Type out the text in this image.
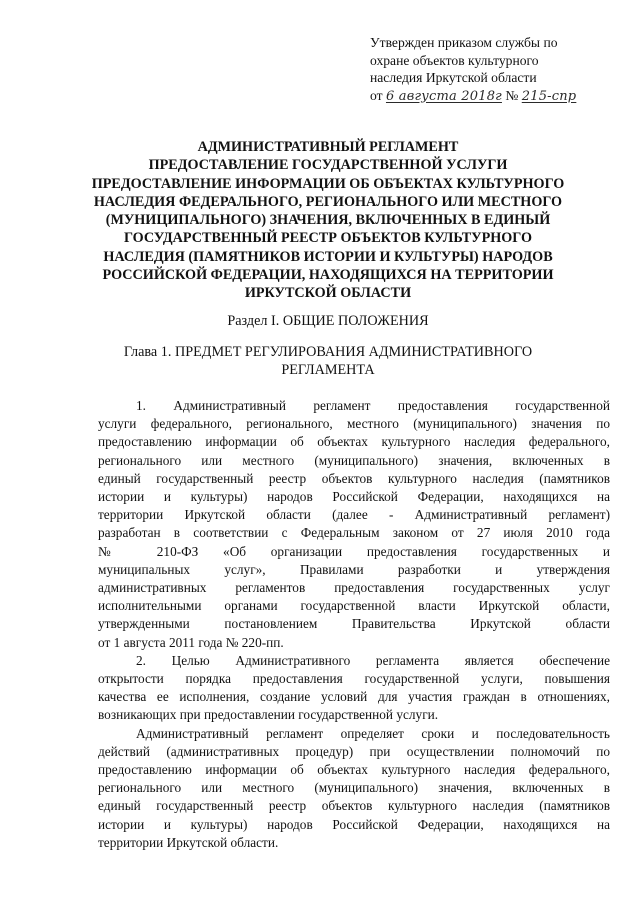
Утвержден приказом службы по
охране объектов культурного
наследия Иркутской области
от 6 августа 2018г № 215-спр
АДМИНИСТРАТИВНЫЙ РЕГЛАМЕНТ
ПРЕДОСТАВЛЕНИЕ ГОСУДАРСТВЕННОЙ УСЛУГИ
ПРЕДОСТАВЛЕНИЕ ИНФОРМАЦИИ ОБ ОБЪЕКТАХ КУЛЬТУРНОГО
НАСЛЕДИЯ ФЕДЕРАЛЬНОГО, РЕГИОНАЛЬНОГО ИЛИ МЕСТНОГО
(МУНИЦИПАЛЬНОГО) ЗНАЧЕНИЯ, ВКЛЮЧЕННЫХ В ЕДИНЫЙ
ГОСУДАРСТВЕННЫЙ РЕЕСТР ОБЪЕКТОВ КУЛЬТУРНОГО
НАСЛЕДИЯ (ПАМЯТНИКОВ ИСТОРИИ И КУЛЬТУРЫ) НАРОДОВ
РОССИЙСКОЙ ФЕДЕРАЦИИ, НАХОДЯЩИХСЯ НА ТЕРРИТОРИИ
ИРКУТСКОЙ ОБЛАСТИ
Раздел I. ОБЩИЕ ПОЛОЖЕНИЯ
Глава 1. ПРЕДМЕТ РЕГУЛИРОВАНИЯ АДМИНИСТРАТИВНОГО
РЕГЛАМЕНТА
1. Административный регламент предоставления государственной
услуги федерального, регионального, местного (муниципального) значения по
предоставлению информации об объектах культурного наследия федерального,
регионального или местного (муниципального) значения, включенных в
единый государственный реестр объектов культурного наследия (памятников
истории и культуры) народов Российской Федерации, находящихся на
территории Иркутской области (далее - Административный регламент)
разработан в соответствии с Федеральным законом от 27 июля 2010 года
№ 210-ФЗ «Об организации предоставления государственных и
муниципальных услуг», Правилами разработки и утверждения
административных регламентов предоставления государственных услуг
исполнительными органами государственной власти Иркутской области,
утвержденными постановлением Правительства Иркутской области
от 1 августа 2011 года № 220-пп.
2. Целью Административного регламента является обеспечение
открытости порядка предоставления государственной услуги, повышения
качества ее исполнения, создание условий для участия граждан в отношениях,
возникающих при предоставлении государственной услуги.
Административный регламент определяет сроки и последовательность
действий (административных процедур) при осуществлении полномочий по
предоставлению информации об объектах культурного наследия федерального,
регионального или местного (муниципального) значения, включенных в
единый государственный реестр объектов культурного наследия (памятников
истории и культуры) народов Российской Федерации, находящихся на
территории Иркутской области.
